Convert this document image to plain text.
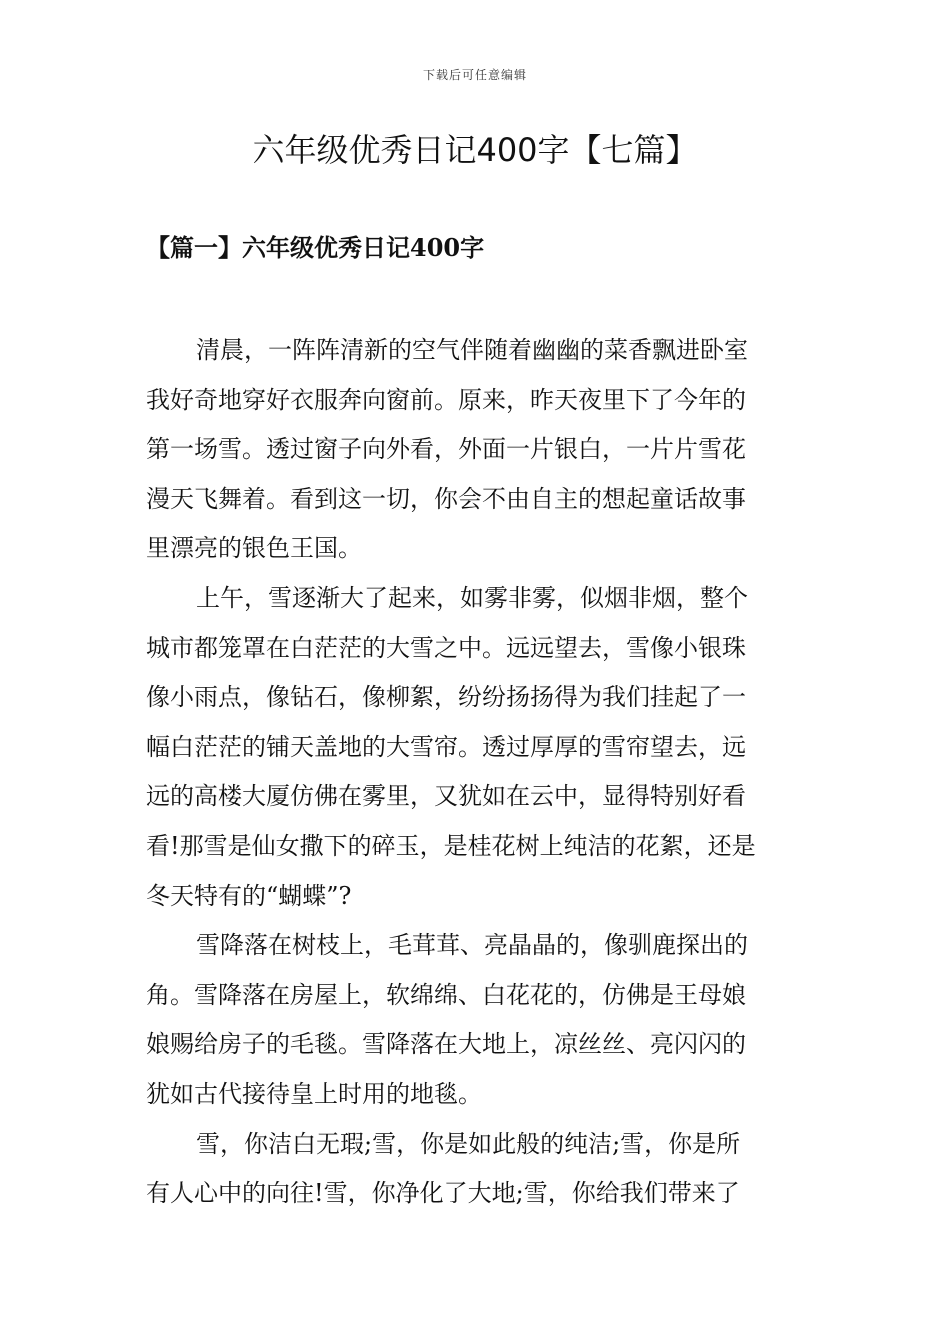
下载后可任意编辑
六年级优秀日记400字【七篇】
【篇一】六年级优秀日记400字
清晨，一阵阵清新的空气伴随着幽幽的菜香飘进卧室
我好奇地穿好衣服奔向窗前。原来，昨天夜里下了今年的
第一场雪。透过窗子向外看，外面一片银白，一片片雪花
漫天飞舞着。看到这一切，你会不由自主的想起童话故事
里漂亮的银色王国。
上午，雪逐渐大了起来，如雾非雾，似烟非烟，整个
城市都笼罩在白茫茫的大雪之中。远远望去，雪像小银珠
像小雨点，像钻石，像柳絮，纷纷扬扬得为我们挂起了一
幅白茫茫的铺天盖地的大雪帘。透过厚厚的雪帘望去，远
远的高楼大厦仿佛在雾里，又犹如在云中，显得特别好看
看!那雪是仙女撒下的碎玉，是桂花树上纯洁的花絮，还是
冬天特有的“蝴蝶”?
雪降落在树枝上，毛茸茸、亮晶晶的，像驯鹿探出的
角。雪降落在房屋上，软绵绵、白花花的，仿佛是王母娘
娘赐给房子的毛毯。雪降落在大地上，凉丝丝、亮闪闪的
犹如古代接待皇上时用的地毯。
雪，你洁白无瑕;雪，你是如此般的纯洁;雪，你是所
有人心中的向往!雪，你净化了大地;雪，你给我们带来了
